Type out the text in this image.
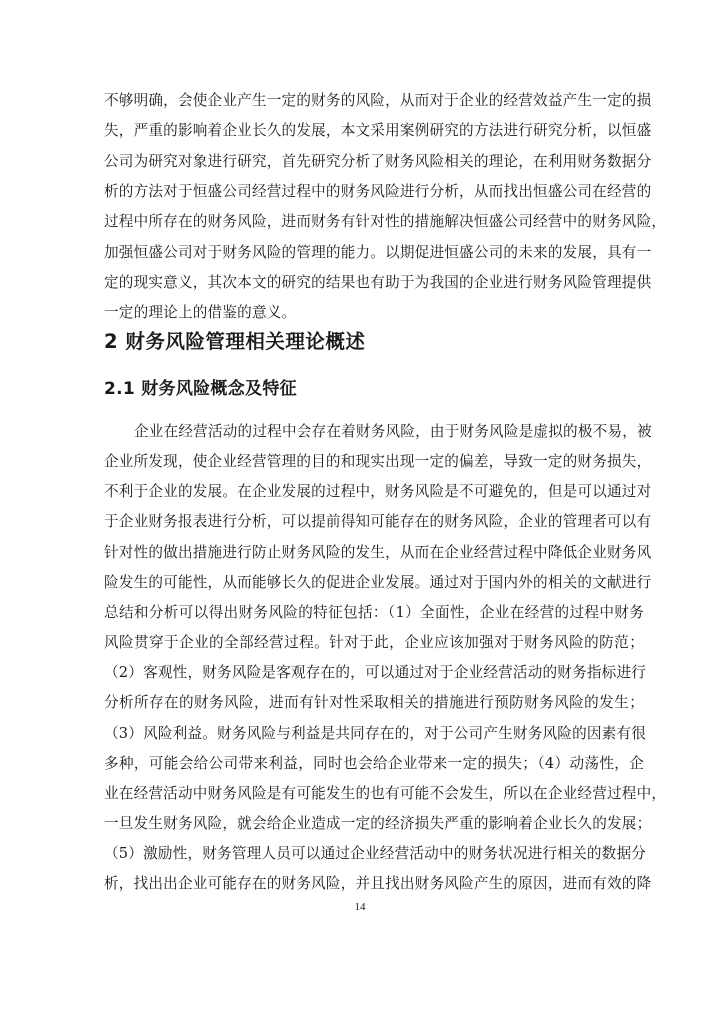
不够明确，会使企业产生一定的财务的风险，从而对于企业的经营效益产生一定的损
失，严重的影响着企业长久的发展，本文采用案例研究的方法进行研究分析，以恒盛
公司为研究对象进行研究，首先研究分析了财务风险相关的理论，在利用财务数据分
析的方法对于恒盛公司经营过程中的财务风险进行分析，从而找出恒盛公司在经营的
过程中所存在的财务风险，进而财务有针对性的措施解决恒盛公司经营中的财务风险，
加强恒盛公司对于财务风险的管理的能力。以期促进恒盛公司的未来的发展，具有一
定的现实意义，其次本文的研究的结果也有助于为我国的企业进行财务风险管理提供
一定的理论上的借鉴的意义。
2 财务风险管理相关理论概述
2.1 财务风险概念及特征
企业在经营活动的过程中会存在着财务风险，由于财务风险是虚拟的极不易，被
企业所发现，使企业经营管理的目的和现实出现一定的偏差，导致一定的财务损失，
不利于企业的发展。在企业发展的过程中，财务风险是不可避免的，但是可以通过对
于企业财务报表进行分析，可以提前得知可能存在的财务风险，企业的管理者可以有
针对性的做出措施进行防止财务风险的发生，从而在企业经营过程中降低企业财务风
险发生的可能性，从而能够长久的促进企业发展。通过对于国内外的相关的文献进行
总结和分析可以得出财务风险的特征包括：（1）全面性，企业在经营的过程中财务
风险贯穿于企业的全部经营过程。针对于此，企业应该加强对于财务风险的防范；
（2）客观性，财务风险是客观存在的，可以通过对于企业经营活动的财务指标进行
分析所存在的财务风险，进而有针对性采取相关的措施进行预防财务风险的发生；
（3）风险利益。财务风险与利益是共同存在的，对于公司产生财务风险的因素有很
多种，可能会给公司带来利益，同时也会给企业带来一定的损失；（4）动荡性，企
业在经营活动中财务风险是有可能发生的也有可能不会发生，所以在企业经营过程中，
一旦发生财务风险，就会给企业造成一定的经济损失严重的影响着企业长久的发展；
（5）激励性，财务管理人员可以通过企业经营活动中的财务状况进行相关的数据分
析，找出出企业可能存在的财务风险，并且找出财务风险产生的原因，进而有效的降
14
